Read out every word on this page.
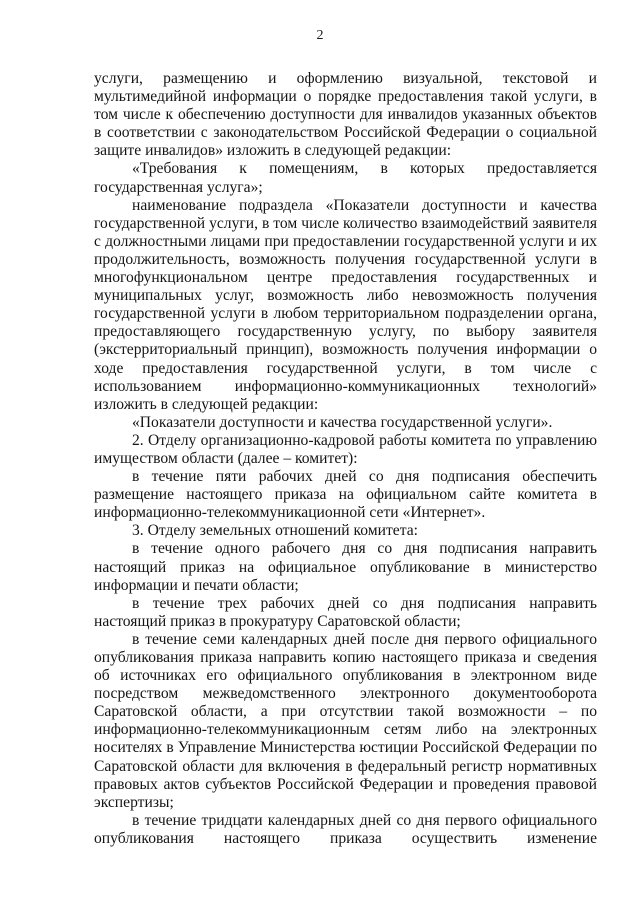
2

услуги, размещению и оформлению визуальной, текстовой и мультимедийной информации о порядке предоставления такой услуги, в том числе к обеспечению доступности для инвалидов указанных объектов в соответствии с законодательством Российской Федерации о социальной защите инвалидов» изложить в следующей редакции:

«Требования к помещениям, в которых предоставляется государственная услуга»;

наименование подраздела «Показатели доступности и качества государственной услуги, в том числе количество взаимодействий заявителя с должностными лицами при предоставлении государственной услуги и их продолжительность, возможность получения государственной услуги в многофункциональном центре предоставления государственных и муниципальных услуг, возможность либо невозможность получения государственной услуги в любом территориальном подразделении органа, предоставляющего государственную услугу, по выбору заявителя (экстерриториальный принцип), возможность получения информации о ходе предоставления государственной услуги, в том числе с использованием информационно-коммуникационных технологий» изложить в следующей редакции:

«Показатели доступности и качества государственной услуги».

2. Отделу организационно-кадровой работы комитета по управлению имуществом области (далее – комитет):

в течение пяти рабочих дней со дня подписания обеспечить размещение настоящего приказа на официальном сайте комитета в информационно-телекоммуникационной сети «Интернет».

3. Отделу земельных отношений комитета:

в течение одного рабочего дня со дня подписания направить настоящий приказ на официальное опубликование в министерство информации и печати области;

в течение трех рабочих дней со дня подписания направить настоящий приказ в прокуратуру Саратовской области;

в течение семи календарных дней после дня первого официального опубликования приказа направить копию настоящего приказа и сведения об источниках его официального опубликования в электронном виде посредством межведомственного электронного документооборота Саратовской области, а при отсутствии такой возможности – по информационно-телекоммуникационным сетям либо на электронных носителях в Управление Министерства юстиции Российской Федерации по Саратовской области для включения в федеральный регистр нормативных правовых актов субъектов Российской Федерации и проведения правовой экспертизы;

в течение тридцати календарных дней со дня первого официального опубликования настоящего приказа осуществить изменение
